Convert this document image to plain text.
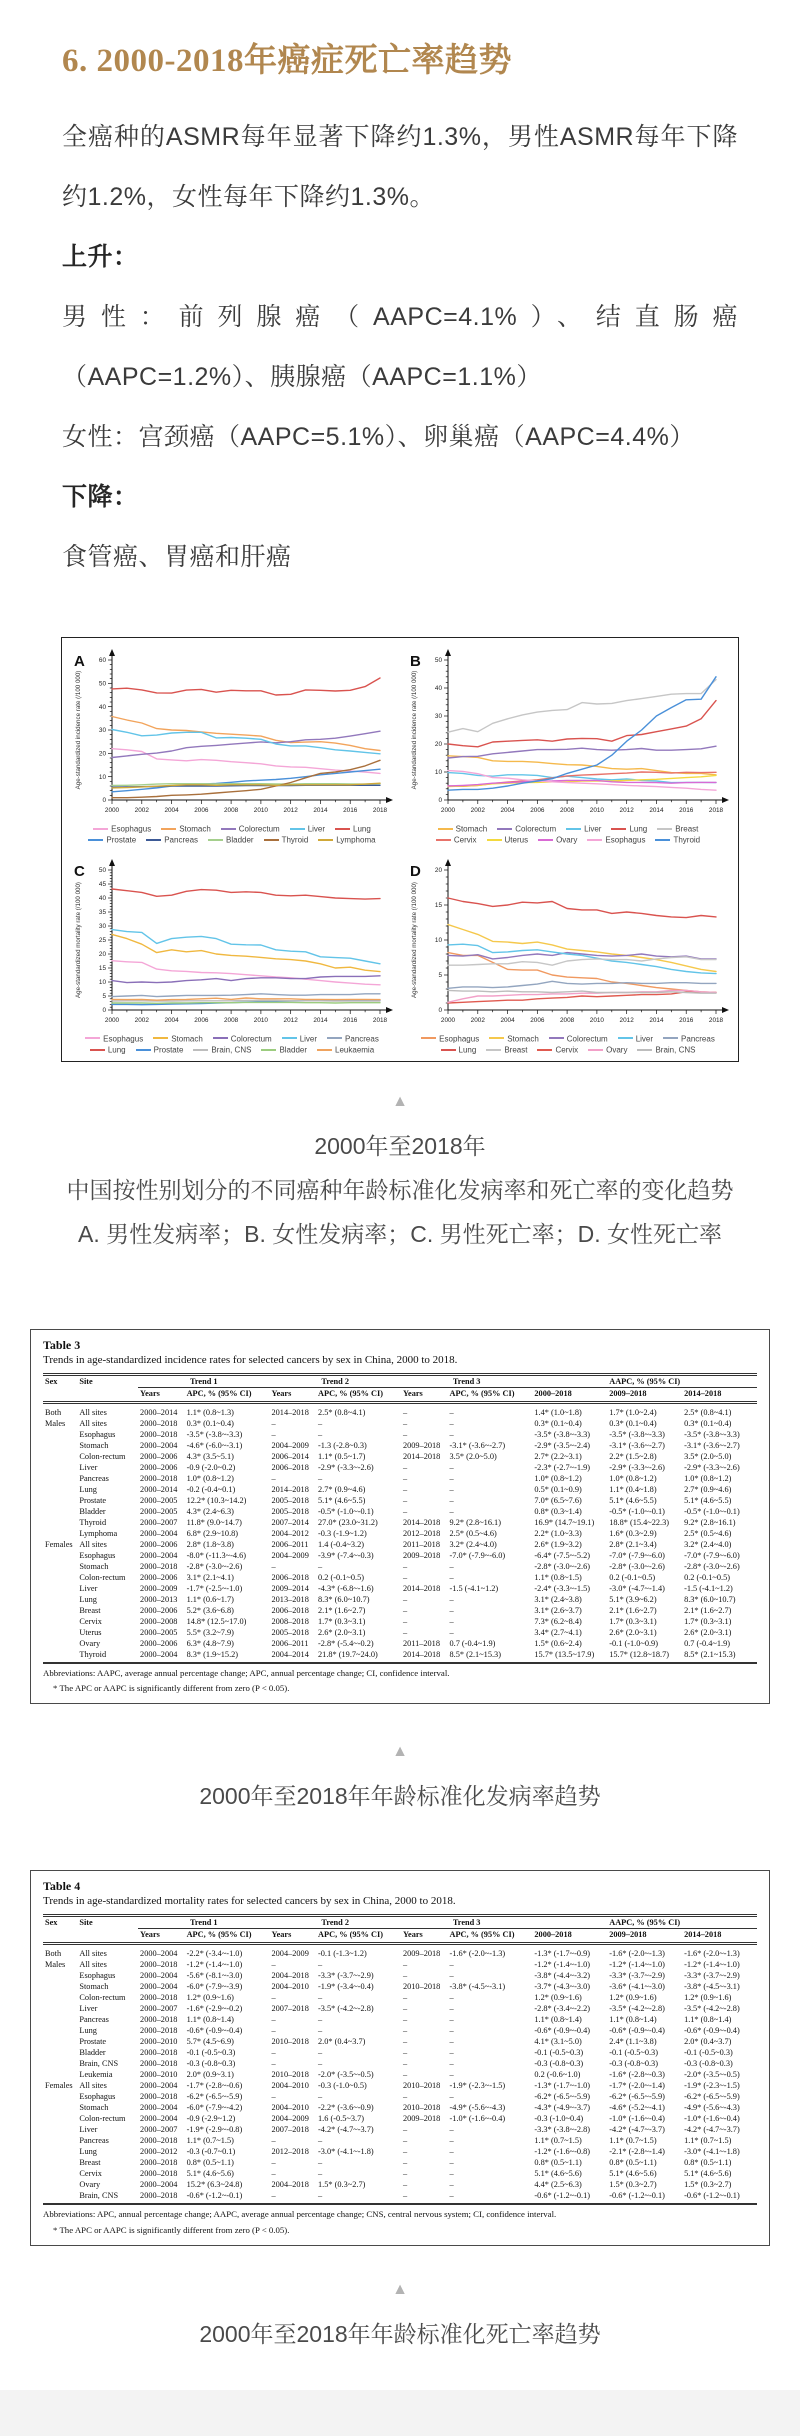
6. 2000-2018年癌症死亡率趋势

全癌种的ASMR每年显著下降约1.3%，男性ASMR每年下降约1.2%，女性每年下降约1.3%。

上升：

男性：前列腺癌（AAPC=4.1%）、结直肠癌（AAPC=1.2%）、胰腺癌（AAPC=1.1%）

女性：宫颈癌（AAPC=5.1%）、卵巢癌（AAPC=4.4%）

下降：

食管癌、胃癌和肝癌

0
10
20
30
40
50
60
2000 2002 2004 2006 2008 2010 2012 2014 2016 2018
A
Age-standardized incidence rate (/100 000)
Esophagus	Stomach	Colorectum	Liver	Lung
Prostate	Pancreas	Bladder	Thyroid	Lymphoma
0
10
20
30
40
50
2000 2002 2004 2006 2008 2010 2012 2014 2016 2018
B
Age-standardized incidence rate (/100 000)
Stomach	Colorectum	Liver	Lung	Breast
Cervix	Uterus	Ovary	Esophagus	Thyroid
0
5
10
15
20
25
30
35
40
45
50
2000 2002 2004 2006 2008 2010 2012 2014 2016 2018
C
Age-standardized mortality rate (/100 000)
Esophagus	Stomach	Colorectum	Liver	Pancreas
Lung	Prostate	Brain, CNS	Bladder	Leukaemia
0
5
10
15
20
2000 2002 2004 2006 2008 2010 2012 2014 2016 2018
D
Age-standardized mortality rate (/100 000)
Esophagus	Stomach	Colorectum	Liver	Pancreas
Lung	Breast	Cervix	Ovary	Brain, CNS
▲
2000年至2018年
中国按性别划分的不同癌种年龄标准化发病率和死亡率的变化趋势
A. 男性发病率；B. 女性发病率；C. 男性死亡率；D. 女性死亡率
Table 3
Trends in age-standardized incidence rates for selected cancers by sex in China, 2000 to 2018.
Sex	Site	Trend 1		Trend 2		Trend 3		AAPC, % (95% CI)		
		Years	APC, % (95% CI)	Years	APC, % (95% CI)	Years	APC, % (95% CI)	2000–2018	2009–2018	2014–2018
Both	All sites	2000–2014	1.1* (0.8~1.3)	2014–2018	2.5* (0.8~4.1)	–	–	1.4* (1.0~1.8)	1.7* (1.0~2.4)	2.5* (0.8~4.1)
Males	All sites	2000–2018	0.3* (0.1~0.4)	–	–	–	–	0.3* (0.1~0.4)	0.3* (0.1~0.4)	0.3* (0.1~0.4)
	Esophagus	2000–2018	-3.5* (-3.8~-3.3)	–	–	–	–	-3.5* (-3.8~-3.3)	-3.5* (-3.8~-3.3)	-3.5* (-3.8~-3.3)
	Stomach	2000–2004	-4.6* (-6.0~-3.1)	2004–2009	-1.3 (-2.8~0.3)	2009–2018	-3.1* (-3.6~-2.7)	-2.9* (-3.5~-2.4)	-3.1* (-3.6~-2.7)	-3.1* (-3.6~-2.7)
	Colon-rectum	2000–2006	4.3* (3.5~5.1)	2006–2014	1.1* (0.5~1.7)	2014–2018	3.5* (2.0~5.0)	2.7* (2.2~3.1)	2.2* (1.5~2.8)	3.5* (2.0~5.0)
	Liver	2000–2006	-0.9 (-2.0~0.2)	2006–2018	-2.9* (-3.3~-2.6)	–	–	-2.3* (-2.7~-1.9)	-2.9* (-3.3~-2.6)	-2.9* (-3.3~-2.6)
	Pancreas	2000–2018	1.0* (0.8~1.2)	–	–	–	–	1.0* (0.8~1.2)	1.0* (0.8~1.2)	1.0* (0.8~1.2)
	Lung	2000–2014	-0.2 (-0.4~0.1)	2014–2018	2.7* (0.9~4.6)	–	–	0.5* (0.1~0.9)	1.1* (0.4~1.8)	2.7* (0.9~4.6)
	Prostate	2000–2005	12.2* (10.3~14.2)	2005–2018	5.1* (4.6~5.5)	–	–	7.0* (6.5~7.6)	5.1* (4.6~5.5)	5.1* (4.6~5.5)
	Bladder	2000–2005	4.3* (2.4~6.3)	2005–2018	-0.5* (-1.0~-0.1)	–	–	0.8* (0.3~1.4)	-0.5* (-1.0~-0.1)	-0.5* (-1.0~-0.1)
	Thyroid	2000–2007	11.8* (9.0~14.7)	2007–2014	27.0* (23.0~31.2)	2014–2018	9.2* (2.8~16.1)	16.9* (14.7~19.1)	18.8* (15.4~22.3)	9.2* (2.8~16.1)
	Lymphoma	2000–2004	6.8* (2.9~10.8)	2004–2012	-0.3 (-1.9~1.2)	2012–2018	2.5* (0.5~4.6)	2.2* (1.0~3.3)	1.6* (0.3~2.9)	2.5* (0.5~4.6)
Females	All sites	2000–2006	2.8* (1.8~3.8)	2006–2011	1.4 (-0.4~3.2)	2011–2018	3.2* (2.4~4.0)	2.6* (1.9~3.2)	2.8* (2.1~3.4)	3.2* (2.4~4.0)
	Esophagus	2000–2004	-8.0* (-11.3~-4.6)	2004–2009	-3.9* (-7.4~-0.3)	2009–2018	-7.0* (-7.9~-6.0)	-6.4* (-7.5~-5.2)	-7.0* (-7.9~-6.0)	-7.0* (-7.9~-6.0)
	Stomach	2000–2018	-2.8* (-3.0~-2.6)	–	–	–	–	-2.8* (-3.0~-2.6)	-2.8* (-3.0~-2.6)	-2.8* (-3.0~-2.6)
	Colon-rectum	2000–2006	3.1* (2.1~4.1)	2006–2018	0.2 (-0.1~0.5)	–	–	1.1* (0.8~1.5)	0.2 (-0.1~0.5)	0.2 (-0.1~0.5)
	Liver	2000–2009	-1.7* (-2.5~-1.0)	2009–2014	-4.3* (-6.8~-1.6)	2014–2018	-1.5 (-4.1~1.2)	-2.4* (-3.3~-1.5)	-3.0* (-4.7~-1.4)	-1.5 (-4.1~1.2)
	Lung	2000–2013	1.1* (0.6~1.7)	2013–2018	8.3* (6.0~10.7)	–	–	3.1* (2.4~3.8)	5.1* (3.9~6.2)	8.3* (6.0~10.7)
	Breast	2000–2006	5.2* (3.6~6.8)	2006–2018	2.1* (1.6~2.7)	–	–	3.1* (2.6~3.7)	2.1* (1.6~2.7)	2.1* (1.6~2.7)
	Cervix	2000–2008	14.8* (12.5~17.0)	2008–2018	1.7* (0.3~3.1)	–	–	7.3* (6.2~8.4)	1.7* (0.3~3.1)	1.7* (0.3~3.1)
	Uterus	2000–2005	5.5* (3.2~7.9)	2005–2018	2.6* (2.0~3.1)	–	–	3.4* (2.7~4.1)	2.6* (2.0~3.1)	2.6* (2.0~3.1)
	Ovary	2000–2006	6.3* (4.8~7.9)	2006–2011	-2.8* (-5.4~-0.2)	2011–2018	0.7 (-0.4~1.9)	1.5* (0.6~2.4)	-0.1 (-1.0~0.9)	0.7 (-0.4~1.9)
	Thyroid	2000–2004	8.3* (1.9~15.2)	2004–2014	21.8* (19.7~24.0)	2014–2018	8.5* (2.1~15.3)	15.7* (13.5~17.9)	15.7* (12.8~18.7)	8.5* (2.1~15.3)
Abbreviations: AAPC, average annual percentage change; APC, annual percentage change; CI, confidence interval.
* The APC or AAPC is significantly different from zero (P < 0.05).
▲
2000年至2018年年龄标准化发病率趋势
Table 4
Trends in age-standardized mortality rates for selected cancers by sex in China, 2000 to 2018.
Sex	Site	Trend 1		Trend 2		Trend 3		AAPC, % (95% CI)		
		Years	APC, % (95% CI)	Years	APC, % (95% CI)	Years	APC, % (95% CI)	2000–2018	2009–2018	2014–2018
Both	All sites	2000–2004	-2.2* (-3.4~-1.0)	2004–2009	-0.1 (-1.3~1.2)	2009–2018	-1.6* (-2.0~-1.3)	-1.3* (-1.7~-0.9)	-1.6* (-2.0~-1.3)	-1.6* (-2.0~-1.3)
Males	All sites	2000–2018	-1.2* (-1.4~-1.0)	–	–	–	–	-1.2* (-1.4~-1.0)	-1.2* (-1.4~-1.0)	-1.2* (-1.4~-1.0)
	Esophagus	2000–2004	-5.6* (-8.1~-3.0)	2004–2018	-3.3* (-3.7~-2.9)	–	–	-3.8* (-4.4~-3.2)	-3.3* (-3.7~-2.9)	-3.3* (-3.7~-2.9)
	Stomach	2000–2004	-6.0* (-7.9~-3.9)	2004–2010	-1.9* (-3.4~-0.4)	2010–2018	-3.8* (-4.5~-3.1)	-3.7* (-4.3~-3.0)	-3.6* (-4.1~-3.0)	-3.8* (-4.5~-3.1)
	Colon-rectum	2000–2018	1.2* (0.9~1.6)	–	–	–	–	1.2* (0.9~1.6)	1.2* (0.9~1.6)	1.2* (0.9~1.6)
	Liver	2000–2007	-1.6* (-2.9~-0.2)	2007–2018	-3.5* (-4.2~-2.8)	–	–	-2.8* (-3.4~-2.2)	-3.5* (-4.2~-2.8)	-3.5* (-4.2~-2.8)
	Pancreas	2000–2018	1.1* (0.8~1.4)	–	–	–	–	1.1* (0.8~1.4)	1.1* (0.8~1.4)	1.1* (0.8~1.4)
	Lung	2000–2018	-0.6* (-0.9~-0.4)	–	–	–	–	-0.6* (-0.9~-0.4)	-0.6* (-0.9~-0.4)	-0.6* (-0.9~-0.4)
	Prostate	2000–2010	5.7* (4.5~6.9)	2010–2018	2.0* (0.4~3.7)	–	–	4.1* (3.1~5.0)	2.4* (1.1~3.8)	2.0* (0.4~3.7)
	Bladder	2000–2018	-0.1 (-0.5~0.3)	–	–	–	–	-0.1 (-0.5~0.3)	-0.1 (-0.5~0.3)	-0.1 (-0.5~0.3)
	Brain, CNS	2000–2018	-0.3 (-0.8~0.3)	–	–	–	–	-0.3 (-0.8~0.3)	-0.3 (-0.8~0.3)	-0.3 (-0.8~0.3)
	Leukemia	2000–2010	2.0* (0.9~3.1)	2010–2018	-2.0* (-3.5~-0.5)	–	–	0.2 (-0.6~1.0)	-1.6* (-2.8~-0.3)	-2.0* (-3.5~-0.5)
Females	All sites	2000–2004	-1.7* (-2.8~-0.6)	2004–2010	-0.3 (-1.0~0.5)	2010–2018	-1.9* (-2.3~-1.5)	-1.3* (-1.7~-1.0)	-1.7* (-2.0~-1.4)	-1.9* (-2.3~-1.5)
	Esophagus	2000–2018	-6.2* (-6.5~-5.9)	–	–	–	–	-6.2* (-6.5~-5.9)	-6.2* (-6.5~-5.9)	-6.2* (-6.5~-5.9)
	Stomach	2000–2004	-6.0* (-7.9~-4.2)	2004–2010	-2.2* (-3.6~-0.9)	2010–2018	-4.9* (-5.6~-4.3)	-4.3* (-4.9~-3.7)	-4.6* (-5.2~-4.1)	-4.9* (-5.6~-4.3)
	Colon-rectum	2000–2004	-0.9 (-2.9~1.2)	2004–2009	1.6 (-0.5~3.7)	2009–2018	-1.0* (-1.6~-0.4)	-0.3 (-1.0~0.4)	-1.0* (-1.6~-0.4)	-1.0* (-1.6~-0.4)
	Liver	2000–2007	-1.9* (-2.9~-0.8)	2007–2018	-4.2* (-4.7~-3.7)	–	–	-3.3* (-3.8~-2.8)	-4.2* (-4.7~-3.7)	-4.2* (-4.7~-3.7)
	Pancreas	2000–2018	1.1* (0.7~1.5)	–	–	–	–	1.1* (0.7~1.5)	1.1* (0.7~1.5)	1.1* (0.7~1.5)
	Lung	2000–2012	-0.3 (-0.7~0.1)	2012–2018	-3.0* (-4.1~-1.8)	–	–	-1.2* (-1.6~-0.8)	-2.1* (-2.8~-1.4)	-3.0* (-4.1~-1.8)
	Breast	2000–2018	0.8* (0.5~1.1)	–	–	–	–	0.8* (0.5~1.1)	0.8* (0.5~1.1)	0.8* (0.5~1.1)
	Cervix	2000–2018	5.1* (4.6~5.6)	–	–	–	–	5.1* (4.6~5.6)	5.1* (4.6~5.6)	5.1* (4.6~5.6)
	Ovary	2000–2004	15.2* (6.3~24.8)	2004–2018	1.5* (0.3~2.7)	–	–	4.4* (2.5~6.3)	1.5* (0.3~2.7)	1.5* (0.3~2.7)
	Brain, CNS	2000–2018	-0.6* (-1.2~-0.1)	–	–	–	–	-0.6* (-1.2~-0.1)	-0.6* (-1.2~-0.1)	-0.6* (-1.2~-0.1)
Abbreviations: APC, annual percentage change; AAPC, average annual percentage change; CNS, central nervous system; CI, confidence interval.
* The APC or AAPC is significantly different from zero (P < 0.05).
▲
2000年至2018年年龄标准化死亡率趋势
